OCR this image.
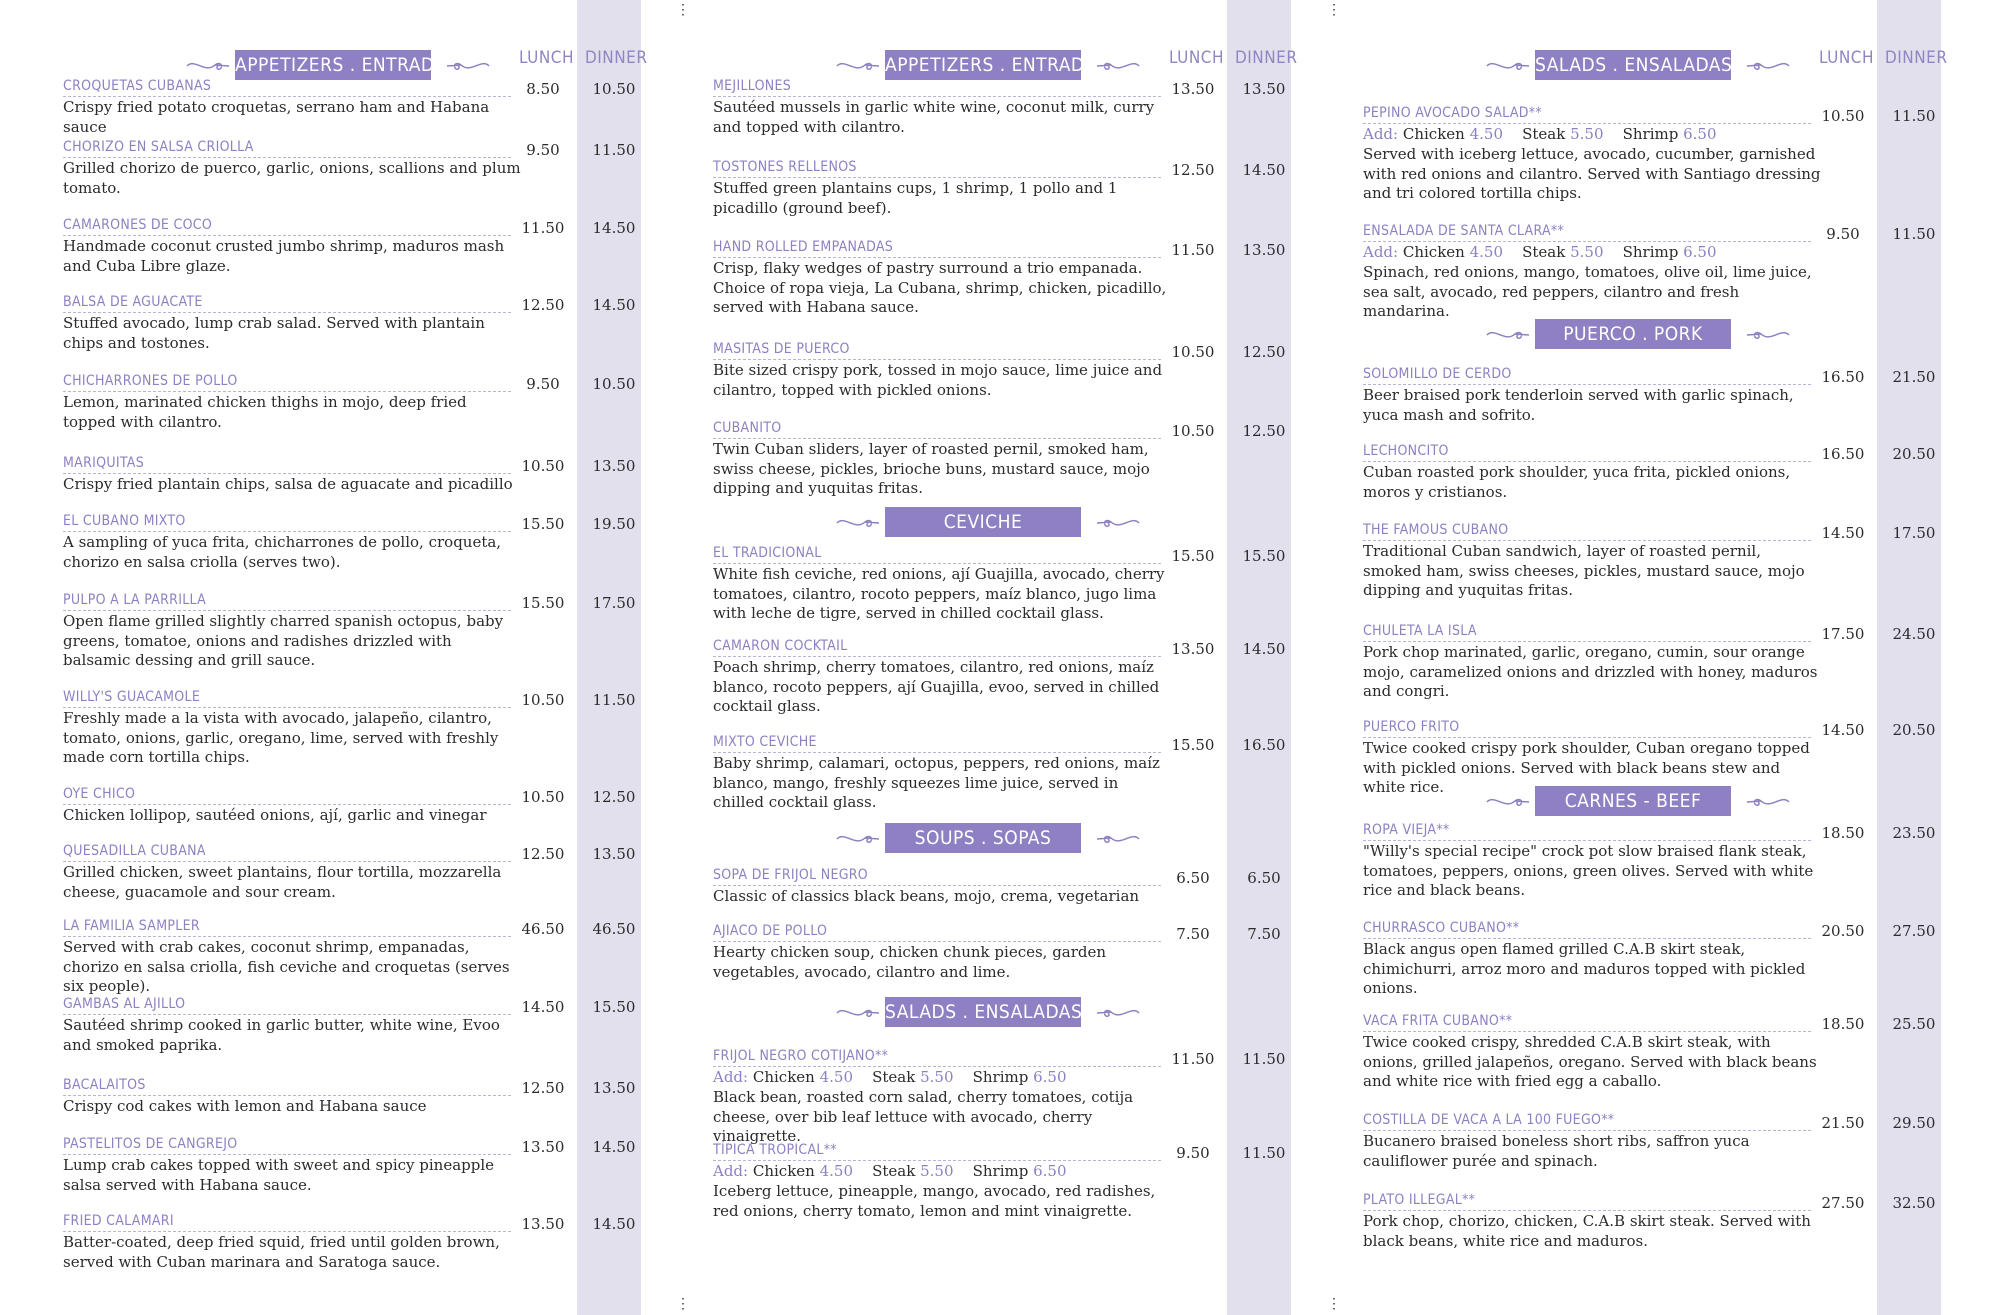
LUNCH DINNER
APPETIZERS . ENTRADAS
CROQUETAS CUBANAS	8.50	10.50
Crispy fried potato croquetas, serrano ham and Habana sauce
CHORIZO EN SALSA CRIOLLA	9.50	11.50
Grilled chorizo de puerco, garlic, onions, scallions and plum tomato.
CAMARONES DE COCO	11.50	14.50
Handmade coconut crusted jumbo shrimp, maduros mash and Cuba Libre glaze.
BALSA DE AGUACATE	12.50	14.50
Stuffed avocado, lump crab salad. Served with plantain chips and tostones.
CHICHARRONES DE POLLO	9.50	10.50
Lemon, marinated chicken thighs in mojo, deep fried topped with cilantro.
MARIQUITAS	10.50	13.50
Crispy fried plantain chips, salsa de aguacate and picadillo
EL CUBANO MIXTO	15.50	19.50
A sampling of yuca frita, chicharrones de pollo, croqueta, chorizo en salsa criolla (serves two).
PULPO A LA PARRILLA	15.50	17.50
Open flame grilled slightly charred spanish octopus, baby greens, tomatoe, onions and radishes drizzled with balsamic dessing and grill sauce.
WILLY'S GUACAMOLE	10.50	11.50
Freshly made a la vista with avocado, jalapeño, cilantro, tomato, onions, garlic, oregano, lime, served with freshly made corn tortilla chips.
OYE CHICO	10.50	12.50
Chicken lollipop, sautéed onions, ají, garlic and vinegar
QUESADILLA CUBANA	12.50	13.50
Grilled chicken, sweet plantains, flour tortilla, mozzarella cheese, guacamole and sour cream.
LA FAMILIA SAMPLER	46.50	46.50
Served with crab cakes, coconut shrimp, empanadas, chorizo en salsa criolla, fish ceviche and croquetas (serves six people).
GAMBAS AL AJILLO	14.50	15.50
Sautéed shrimp cooked in garlic butter, white wine, Evoo and smoked paprika.
BACALAITOS	12.50	13.50
Crispy cod cakes with lemon and Habana sauce
PASTELITOS DE CANGREJO	13.50	14.50
Lump crab cakes topped with sweet and spicy pineapple salsa served with Habana sauce.
FRIED CALAMARI	13.50	14.50
Batter-coated, deep fried squid, fried until golden brown, served with Cuban marinara and Saratoga sauce.
LUNCH DINNER
APPETIZERS . ENTRADAS
MEJILLONES	13.50	13.50
Sautéed mussels in garlic white wine, coconut milk, curry and topped with cilantro.
TOSTONES RELLENOS	12.50	14.50
Stuffed green plantains cups, 1 shrimp, 1 pollo and 1 picadillo (ground beef).
HAND ROLLED EMPANADAS	11.50	13.50
Crisp, flaky wedges of pastry surround a trio empanada. Choice of ropa vieja, La Cubana, shrimp, chicken, picadillo, served with Habana sauce.
MASITAS DE PUERCO	10.50	12.50
Bite sized crispy pork, tossed in mojo sauce, lime juice and cilantro, topped with pickled onions.
CUBANITO	10.50	12.50
Twin Cuban sliders, layer of roasted pernil, smoked ham, swiss cheese, pickles, brioche buns, mustard sauce, mojo dipping and yuquitas fritas.
CEVICHE
EL TRADICIONAL	15.50	15.50
White fish ceviche, red onions, ají Guajilla, avocado, cherry tomatoes, cilantro, rocoto peppers, maíz blanco, jugo lima with leche de tigre, served in chilled cocktail glass.
CAMARON COCKTAIL	13.50	14.50
Poach shrimp, cherry tomatoes, cilantro, red onions, maíz blanco, rocoto peppers, ají Guajilla, evoo, served in chilled cocktail glass.
MIXTO CEVICHE	15.50	16.50
Baby shrimp, calamari, octopus, peppers, red onions, maíz blanco, mango, freshly squeezes lime juice, served in chilled cocktail glass.
SOUPS . SOPAS
SOPA DE FRIJOL NEGRO	6.50	6.50
Classic of classics black beans, mojo, crema, vegetarian
AJIACO DE POLLO	7.50	7.50
Hearty chicken soup, chicken chunk pieces, garden vegetables, avocado, cilantro and lime.
SALADS . ENSALADAS
FRIJOL NEGRO COTIJANO**	11.50	11.50
Add: Chicken 4.50 Steak 5.50 Shrimp 6.50
Black bean, roasted corn salad, cherry tomatoes, cotija cheese, over bib leaf lettuce with avocado, cherry vinaigrette.
TÍPICA TROPICAL**	9.50	11.50
Add: Chicken 4.50 Steak 5.50 Shrimp 6.50
Iceberg lettuce, pineapple, mango, avocado, red radishes, red onions, cherry tomato, lemon and mint vinaigrette.
LUNCH DINNER
SALADS . ENSALADAS
PEPINO AVOCADO SALAD**	10.50	11.50
Add: Chicken 4.50 Steak 5.50 Shrimp 6.50
Served with iceberg lettuce, avocado, cucumber, garnished with red onions and cilantro. Served with Santiago dressing and tri colored tortilla chips.
ENSALADA DE SANTA CLARA**	9.50	11.50
Add: Chicken 4.50 Steak 5.50 Shrimp 6.50
Spinach, red onions, mango, tomatoes, olive oil, lime juice, sea salt, avocado, red peppers, cilantro and fresh mandarina.
PUERCO . PORK
SOLOMILLO DE CERDO	16.50	21.50
Beer braised pork tenderloin served with garlic spinach, yuca mash and sofrito.
LECHONCITO	16.50	20.50
Cuban roasted pork shoulder, yuca frita, pickled onions, moros y cristianos.
THE FAMOUS CUBANO	14.50	17.50
Traditional Cuban sandwich, layer of roasted pernil, smoked ham, swiss cheeses, pickles, mustard sauce, mojo dipping and yuquitas fritas.
CHULETA LA ISLA	17.50	24.50
Pork chop marinated, garlic, oregano, cumin, sour orange mojo, caramelized onions and drizzled with honey, maduros and congri.
PUERCO FRITO	14.50	20.50
Twice cooked crispy pork shoulder, Cuban oregano topped with pickled onions. Served with black beans stew and white rice.
CARNES - BEEF
ROPA VIEJA**	18.50	23.50
"Willy's special recipe" crock pot slow braised flank steak, tomatoes, peppers, onions, green olives. Served with white rice and black beans.
CHURRASCO CUBANO**	20.50	27.50
Black angus open flamed grilled C.A.B skirt steak, chimichurri, arroz moro and maduros topped with pickled onions.
VACA FRITA CUBANO**	18.50	25.50
Twice cooked crispy, shredded C.A.B skirt steak, with onions, grilled jalapeños, oregano. Served with black beans and white rice with fried egg a caballo.
COSTILLA DE VACA A LA 100 FUEGO**	21.50	29.50
Bucanero braised boneless short ribs, saffron yuca cauliflower purée and spinach.
PLATO ILLEGAL**	27.50	32.50
Pork chop, chorizo, chicken, C.A.B skirt steak. Served with black beans, white rice and maduros.
⋮
⋮
⋮
⋮
